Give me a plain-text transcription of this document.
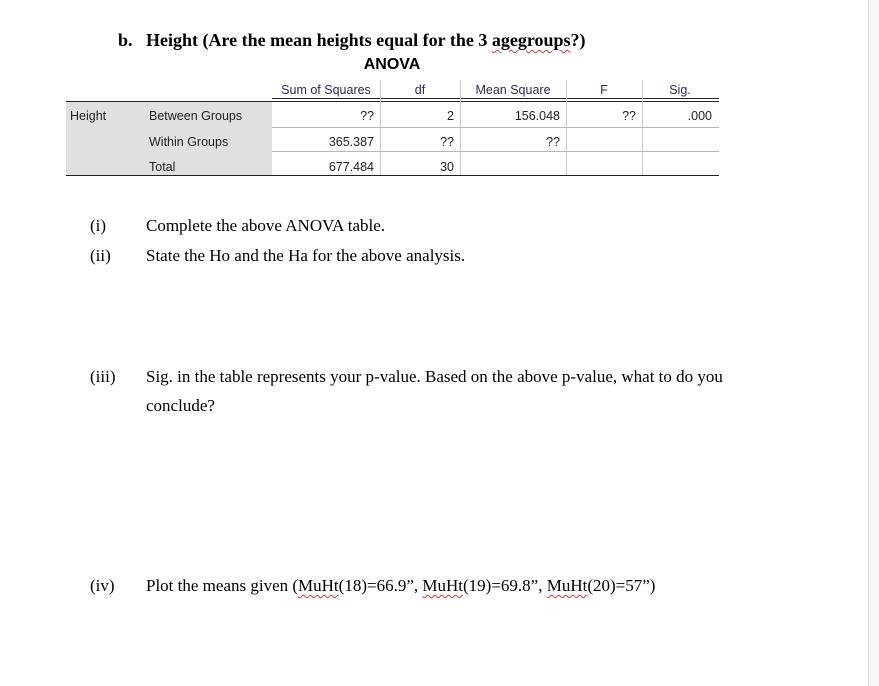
b. Height (Are the mean heights equal for the 3 agegroups?)
ANOVA
Sum of Squares	df	Mean Square	F	Sig.
Height	Between Groups	??	2	156.048	??	.000
Within Groups	365.387	??	??
Total	677.484	30
(i) Complete the above ANOVA table.
(ii) State the Ho and the Ha for the above analysis.
(iii) Sig. in the table represents your p-value. Based on the above p-value, what to do you
conclude?
(iv) Plot the means given (MuHt(18)=66.9”, MuHt(19)=69.8”, MuHt(20)=57”)
